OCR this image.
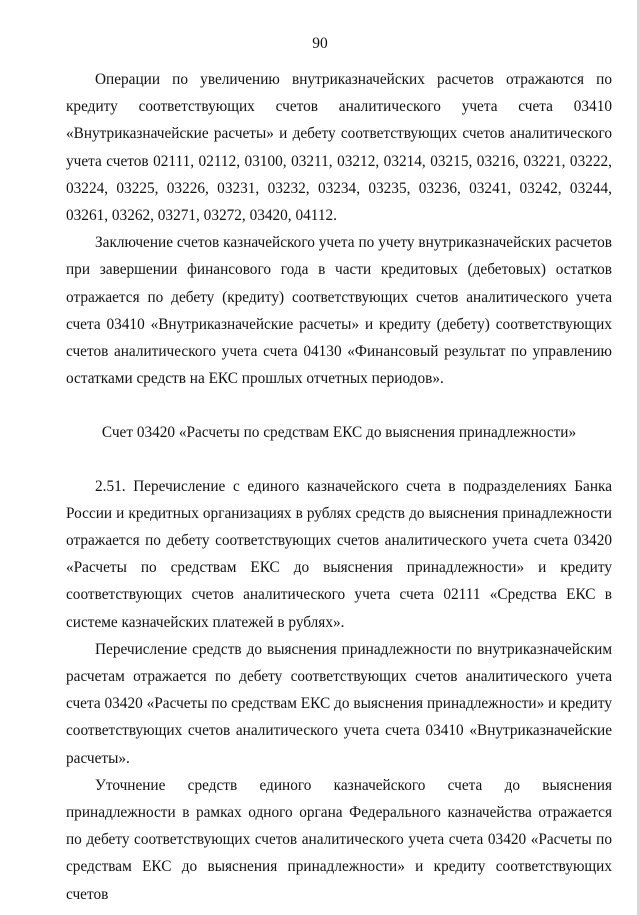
90

Операции по увеличению внутриказначейских расчетов отражаются по кредиту соответствующих счетов аналитического учета счета 03410 «Внутриказначейские расчеты» и дебету соответствующих счетов аналитического учета счетов 02111, 02112, 03100, 03211, 03212, 03214, 03215, 03216, 03221, 03222, 03224, 03225, 03226, 03231, 03232, 03234, 03235, 03236, 03241, 03242, 03244, 03261, 03262, 03271, 03272, 03420, 04112.

Заключение счетов казначейского учета по учету внутриказначейских расчетов при завершении финансового года в части кредитовых (дебетовых) остатков отражается по дебету (кредиту) соответствующих счетов аналитического учета счета 03410 «Внутриказначейские расчеты» и кредиту (дебету) соответствующих счетов аналитического учета счета 04130 «Финансовый результат по управлению остатками средств на ЕКС прошлых отчетных периодов».

Счет 03420 «Расчеты по средствам ЕКС до выяснения принадлежности»

2.51. Перечисление с единого казначейского счета в подразделениях Банка России и кредитных организациях в рублях средств до выяснения принадлежности отражается по дебету соответствующих счетов аналитического учета счета 03420 «Расчеты по средствам ЕКС до выяснения принадлежности» и кредиту соответствующих счетов аналитического учета счета 02111 «Средства ЕКС в системе казначейских платежей в рублях».

Перечисление средств до выяснения принадлежности по внутриказначейским расчетам отражается по дебету соответствующих счетов аналитического учета счета 03420 «Расчеты по средствам ЕКС до выяснения принадлежности» и кредиту соответствующих счетов аналитического учета счета 03410 «Внутриказначейские расчеты».

Уточнение средств единого казначейского счета до выяснения принадлежности в рамках одного органа Федерального казначейства отражается по дебету соответствующих счетов аналитического учета счета 03420 «Расчеты по средствам ЕКС до выяснения принадлежности» и кредиту соответствующих счетов
